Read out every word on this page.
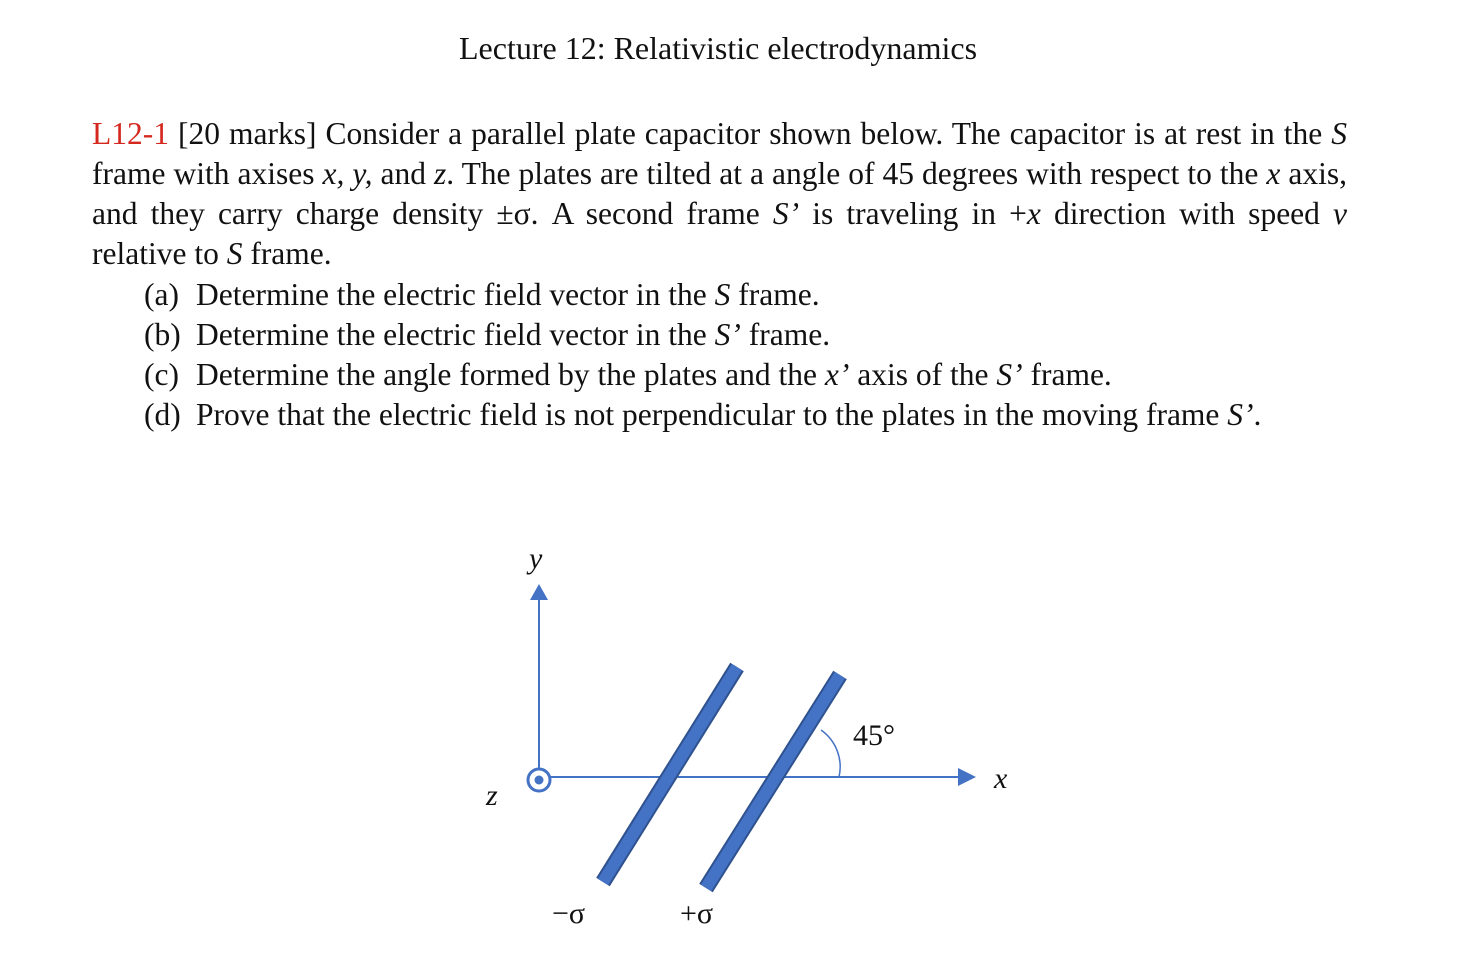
Lecture 12: Relativistic electrodynamics
L12-1 [20 marks] Consider a parallel plate capacitor shown below. The capacitor is at rest in the S frame with axises x, y, and z. The plates are tilted at a angle of 45 degrees with respect to the x axis, and they carry charge density ±σ. A second frame S’ is traveling in +x direction with speed v relative to S frame.
(a) Determine the electric field vector in the S frame.
(b) Determine the electric field vector in the S’ frame.
(c) Determine the angle formed by the plates and the x’ axis of the S’ frame.
(d) Prove that the electric field is not perpendicular to the plates in the moving frame S’.
y
x
z
45°
−σ	+σ
